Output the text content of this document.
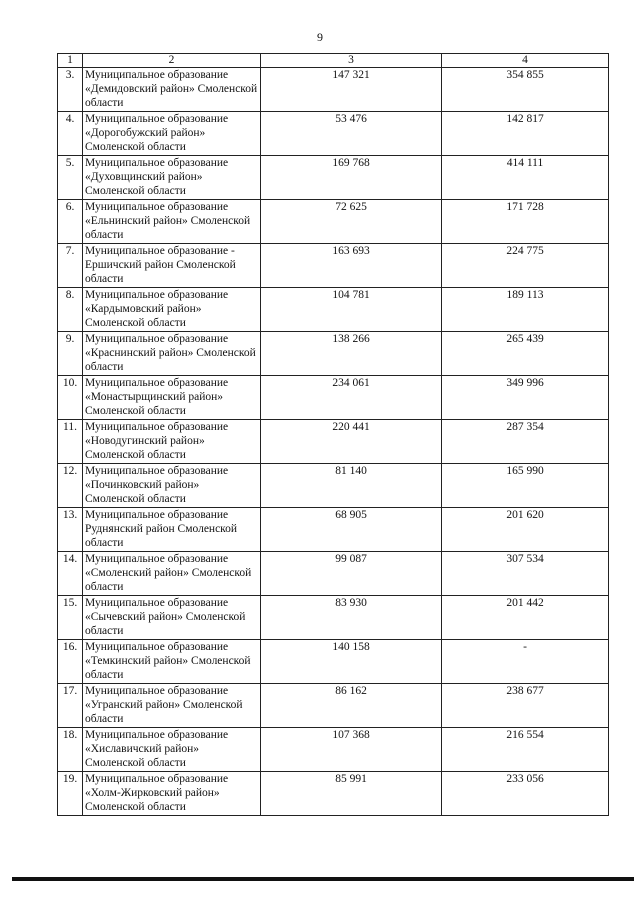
9
1	2	3	4
3.	Муниципальное образование «Демидовский район» Смоленской области	147 321	354 855
4.	Муниципальное образование «Дорогобужский район» Смоленской области	53 476	142 817
5.	Муниципальное образование «Духовщинский район» Смоленской области	169 768	414 111
6.	Муниципальное образование «Ельнинский район» Смоленской области	72 625	171 728
7.	Муниципальное образование - Ершичский район Смоленской области	163 693	224 775
8.	Муниципальное образование «Кардымовский район» Смоленской области	104 781	189 113
9.	Муниципальное образование «Краснинский район» Смоленской области	138 266	265 439
10.	Муниципальное образование «Монастырщинский район» Смоленской области	234 061	349 996
11.	Муниципальное образование «Новодугинский район» Смоленской области	220 441	287 354
12.	Муниципальное образование «Починковский район» Смоленской области	81 140	165 990
13.	Муниципальное образование Руднянский район Смоленской области	68 905	201 620
14.	Муниципальное образование «Смоленский район» Смоленской области	99 087	307 534
15.	Муниципальное образование «Сычевский район» Смоленской области	83 930	201 442
16.	Муниципальное образование «Темкинский район» Смоленской области	140 158	-
17.	Муниципальное образование «Угранский район» Смоленской области	86 162	238 677
18.	Муниципальное образование «Хиславичский район» Смоленской области	107 368	216 554
19.	Муниципальное образование «Холм-Жирковский район» Смоленской области	85 991	233 056
